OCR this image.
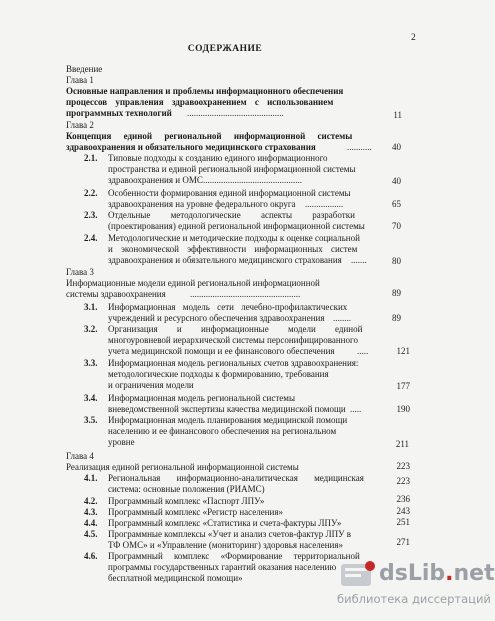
2
СОДЕРЖАНИЕ
Введение
Глава 1
Основные направления и проблемы информационного обеспечения
процессов управления здравоохранением с использованием
программных технологий ...........................................	11
Глава 2
Концепция единой региональной информационной системы
здравоохранения и обязательного медицинского страхования	...........	40
2.1. Типовые подходы к созданию единого информационного
пространства и единой региональной информационной системы
здравоохранения и ОМС ............................................	40
2.2. Особенности формирования единой информационной системы
здравоохранения на уровне федерального округа .................	65
2.3. Отдельные методологические аспекты разработки
(проектирования) единой региональной информационной системы	70
2.4. Методологические и методические подходы к оценке социальной
и экономической эффективности информационных систем
здравоохранения и обязательного медицинского страхования .......	80
Глава 3
Информационные модели единой региональной информационной
системы здравоохранения	.................................................	89
3.1. Информационная модель сети лечебно-профилактических
учреждений и ресурсного обеспечения здравоохранения ........	89
3.2. Организация и информационные модели единой
многоуровневой иерархической системы персонифицированного
учета медицинской помощи и ее финансового обеспечения .....	121
3.3. Информационная модель региональных счетов здравоохранения:
методологические подходы к формированию, требования
и ограничения модели	177
3.4. Информационная модель региональной системы
вневедомственной экспертизы качества медицинской помощи .....	190
3.5. Информационная модель планирования медицинской помощи
населению и ее финансового обеспечения на региональном
уровне	211
Глава 4
Реализация единой региональной информационной системы	223
4.1. Региональная информационно-аналитическая медицинская
система: основные положения (РИАМС)
223
4.2. Программный комплекс «Паспорт ЛПУ»	236
4.3. Программный комплекс «Регистр населения»	243
4.4. Программный комплекс «Статистика и счета-фактуры ЛПУ»	251
4.5. Программные комплексы «Учет и анализ счетов-фактур ЛПУ в
ТФ ОМС» и «Управление (мониторинг) здоровья населения»	271
4.6. Программный комплекс «Формирование территориальной
программы государственных гарантий оказания населению
бесплатной медицинской помощи»	dsLib.net
библиотека диссертаций
